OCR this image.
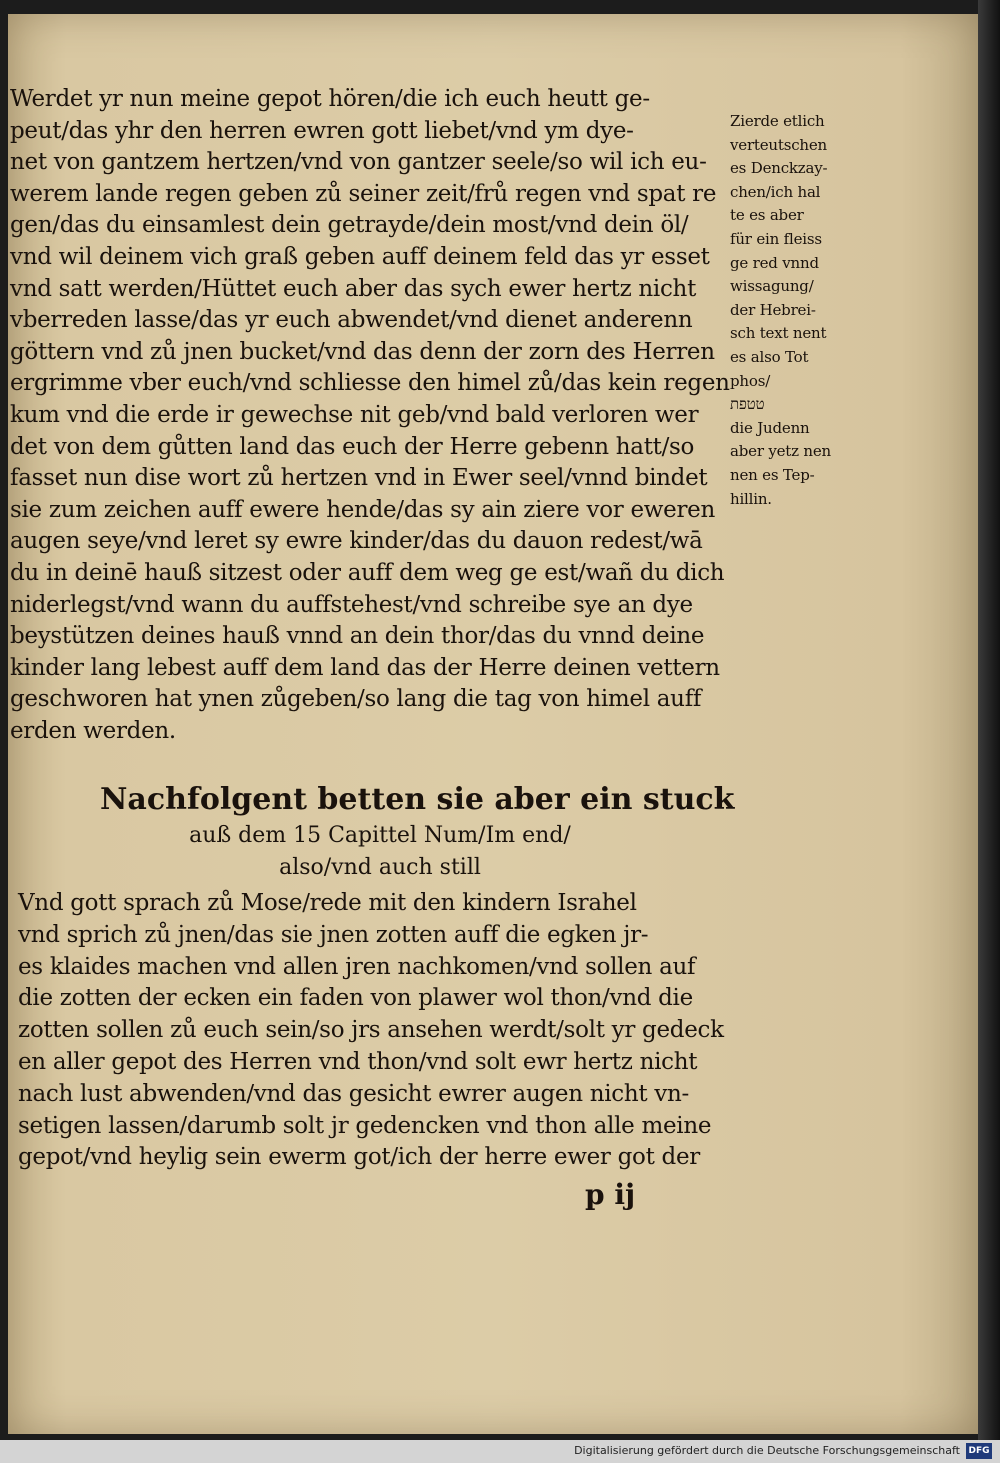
Werdet yr nun meine gepot hören/die ich euch heutt ge-
peut/das yhr den herren ewren gott liebet/vnd ym dye-
net von gantzem hertzen/vnd von gantzer seele/so wil ich eu-
werem lande regen geben zů seiner zeit/frů regen vnd spat re
gen/das du einsamlest dein getrayde/dein most/vnd dein öl/
vnd wil deinem vich graß geben auff deinem feld das yr esset
vnd satt werden/Hüttet euch aber das sych ewer hertz nicht
vberreden lasse/das yr euch abwendet/vnd dienet anderenn
göttern vnd zů jnen bucket/vnd das denn der zorn des Herren
ergrimme vber euch/vnd schliesse den himel zů/das kein regen
kum vnd die erde ir gewechse nit geb/vnd bald verloren wer
det von dem gůtten land das euch der Herre gebenn hatt/so
fasset nun dise wort zů hertzen vnd in Ewer seel/vnnd bindet
sie zum zeichen auff ewere hende/das sy ain ziere vor eweren
augen seye/vnd leret sy ewre kinder/das du dauon redest/wā
du in deinē hauß sitzest oder auff dem weg ge est/wañ du dich
niderlegst/vnd wann du auffstehest/vnd schreibe sye an dye
beystützen deines hauß vnnd an dein thor/das du vnnd deine
kinder lang lebest auff dem land das der Herre deinen vettern
geschworen hat ynen zůgeben/so lang die tag von himel auff
erden werden.
Zierde etlich
verteutschen
es Denckzay-
chen/ich hal
te es aber
für ein fleiss
ge red vnnd
wissagung/
der Hebrei-
sch text nent
es also Tot
phos/
טטפת
die Judenn
aber yetz nen
nen es Tep-
hillin.
Nachfolgent betten sie aber ein stuck
auß dem 15 Capittel Num/Im end/
also/vnd auch still
Vnd gott sprach zů Mose/rede mit den kindern Israhel
vnd sprich zů jnen/das sie jnen zotten auff die egken jr-
es klaides machen vnd allen jren nachkomen/vnd sollen auf
die zotten der ecken ein faden von plawer wol thon/vnd die
zotten sollen zů euch sein/so jrs ansehen werdt/solt yr gedeck
en aller gepot des Herren vnd thon/vnd solt ewr hertz nicht
nach lust abwenden/vnd das gesicht ewrer augen nicht vn-
setigen lassen/darumb solt jr gedencken vnd thon alle meine
gepot/vnd heylig sein ewerm got/ich der herre ewer got der
p ij
Digitalisierung gefördert durch die Deutsche Forschungsgemeinschaft DFG
